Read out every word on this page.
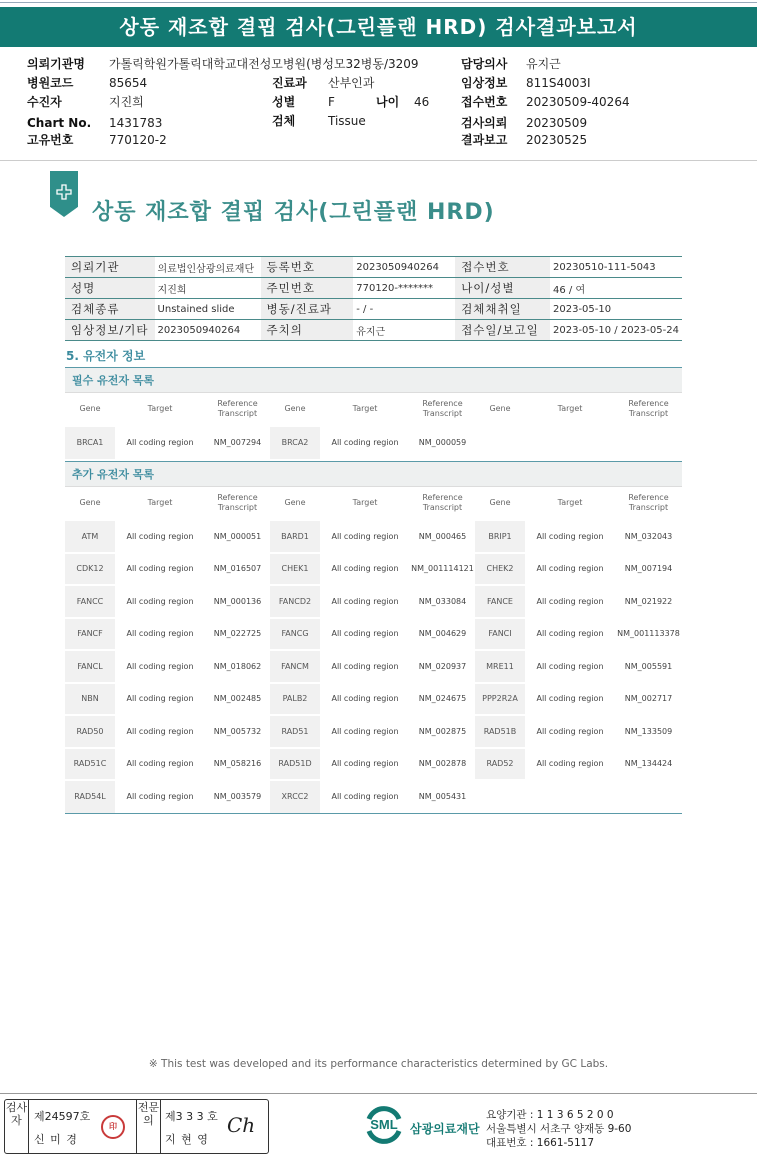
상동 재조합 결핍 검사(그린플랜 HRD) 검사결과보고서
의뢰기관명 가톨릭학원가톨릭대학교대전성모병원(병성모32병동/3209	담당의사 유지근
병원코드	85654	진료과 산부인과	임상정보 811S4003I
수진자	지진희	성별	F	나이 46	접수번호 20230509-40264
Chart No. 1431783	검체	Tissue	검사의뢰 20230509
고유번호	770120-2	결과보고 20230525
상동 재조합 결핍 검사(그린플랜 HRD)
의뢰기관	의료법인삼광의료재단	등록번호	2023050940264	접수번호	20230510-111-5043
성명	지진희	주민번호	770120-*******	나이/성별	46 / 여
검체종류	Unstained slide	병동/진료과	- / -	검체채취일	2023-05-10
임상정보/기타	2023050940264	주치의	유지근	접수일/보고일	2023-05-10 / 2023-05-24
5. 유전자 정보
필수 유전자 목록
Gene	Target	Reference
Transcript	Gene	Target	Reference
Transcript	Gene	Target	Reference
Transcript
BRCA1	All coding region	NM_007294	BRCA2	All coding region	NM_000059			
추가 유전자 목록
Gene	Target	Reference
Transcript	Gene	Target	Reference
Transcript	Gene	Target	Reference
Transcript
ATM	All coding region	NM_000051	BARD1	All coding region	NM_000465	BRIP1	All coding region	NM_032043
CDK12	All coding region	NM_016507	CHEK1	All coding region	NM_001114121	CHEK2	All coding region	NM_007194
FANCC	All coding region	NM_000136	FANCD2	All coding region	NM_033084	FANCE	All coding region	NM_021922
FANCF	All coding region	NM_022725	FANCG	All coding region	NM_004629	FANCI	All coding region	NM_001113378
FANCL	All coding region	NM_018062	FANCM	All coding region	NM_020937	MRE11	All coding region	NM_005591
NBN	All coding region	NM_002485	PALB2	All coding region	NM_024675	PPP2R2A	All coding region	NM_002717
RAD50	All coding region	NM_005732	RAD51	All coding region	NM_002875	RAD51B	All coding region	NM_133509
RAD51C	All coding region	NM_058216	RAD51D	All coding region	NM_002878	RAD52	All coding region	NM_134424
RAD54L	All coding region	NM_003579	XRCC2	All coding region	NM_005431			
※ This test was developed and its performance characteristics determined by GC Labs.
검사자	제24597호
신 미 경
印
전문의	제3 3 3 호
지 현 영
Ch	SML 삼광의료재단
요양기관 : 1 1 3 6 5 2 0 0
서울특별시 서초구 양재동 9-60
대표번호 : 1661-5117
